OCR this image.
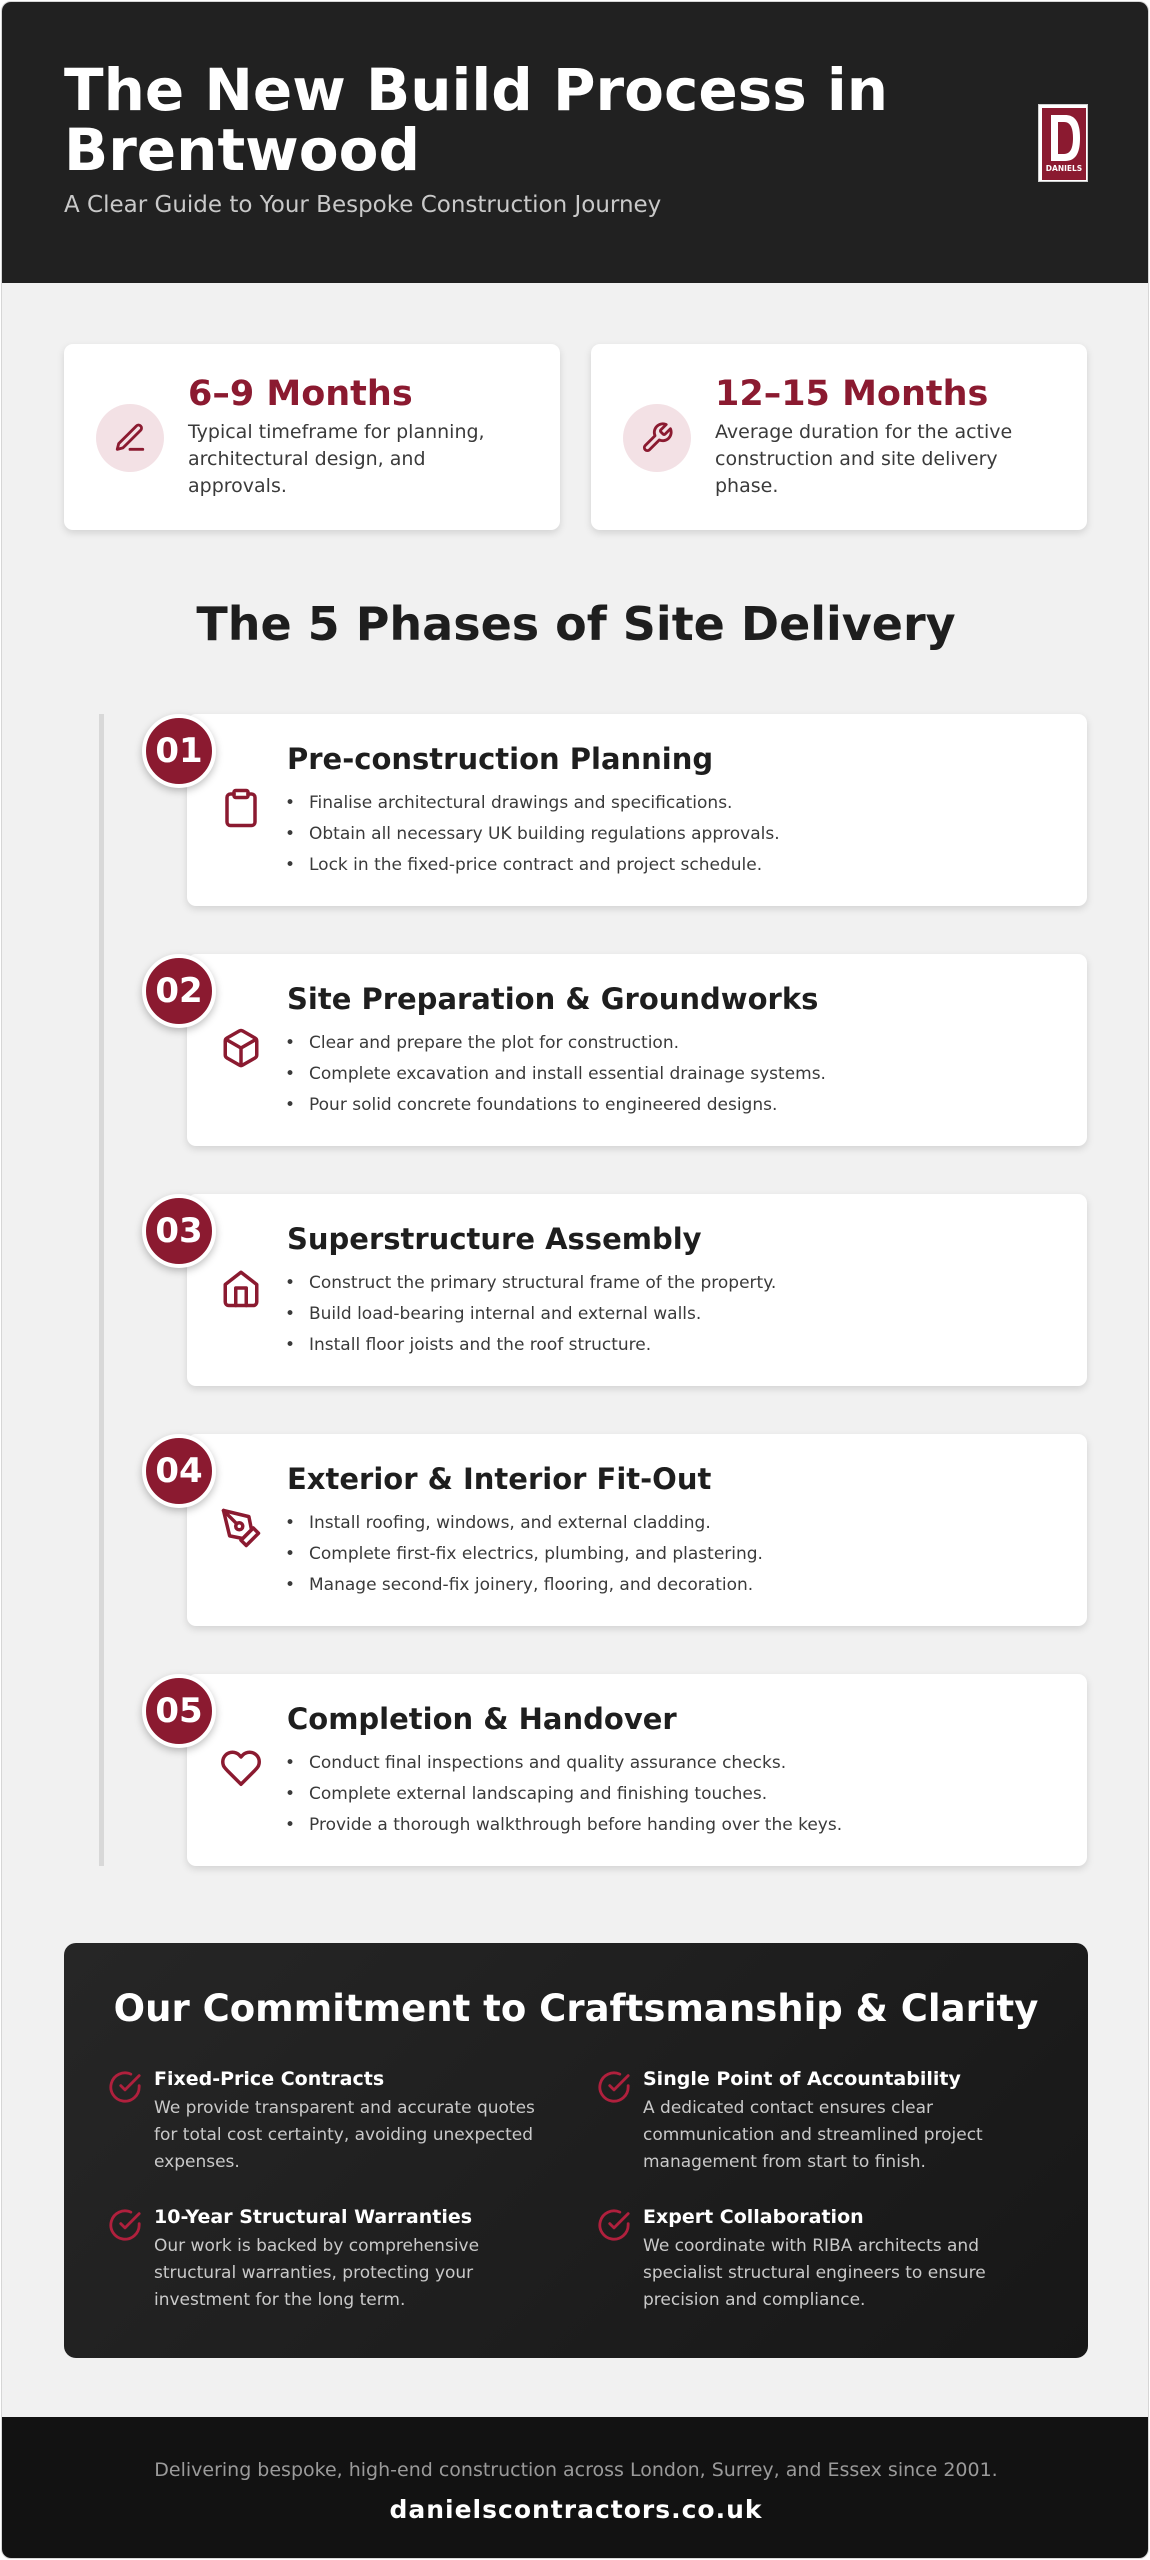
The New Build Process in Brentwood
A Clear Guide to Your Bespoke Construction Journey
DANIELS
6–9 Months
Typical timeframe for planning, architectural design, and approvals.
12–15 Months
Average duration for the active construction and site delivery phase.
The 5 Phases of Site Delivery
Pre-construction Planning
• Finalise architectural drawings and specifications.
• Obtain all necessary UK building regulations approvals.
• Lock in the fixed-price contract and project schedule.
01
Site Preparation & Groundworks
• Clear and prepare the plot for construction.
• Complete excavation and install essential drainage systems.
• Pour solid concrete foundations to engineered designs.
02
Superstructure Assembly
• Construct the primary structural frame of the property.
• Build load-bearing internal and external walls.
• Install floor joists and the roof structure.
03
Exterior & Interior Fit-Out
• Install roofing, windows, and external cladding.
• Complete first-fix electrics, plumbing, and plastering.
• Manage second-fix joinery, flooring, and decoration.
04
Completion & Handover
• Conduct final inspections and quality assurance checks.
• Complete external landscaping and finishing touches.
• Provide a thorough walkthrough before handing over the keys.
05
Our Commitment to Craftsmanship & Clarity
Fixed-Price Contracts
We provide transparent and accurate quotes for total cost certainty, avoiding unexpected expenses.
Single Point of Accountability
A dedicated contact ensures clear communication and streamlined project management from start to finish.
10-Year Structural Warranties
Our work is backed by comprehensive structural warranties, protecting your investment for the long term.
Expert Collaboration
We coordinate with RIBA architects and specialist structural engineers to ensure precision and compliance.
Delivering bespoke, high-end construction across London, Surrey, and Essex since 2001.
danielscontractors.co.uk
